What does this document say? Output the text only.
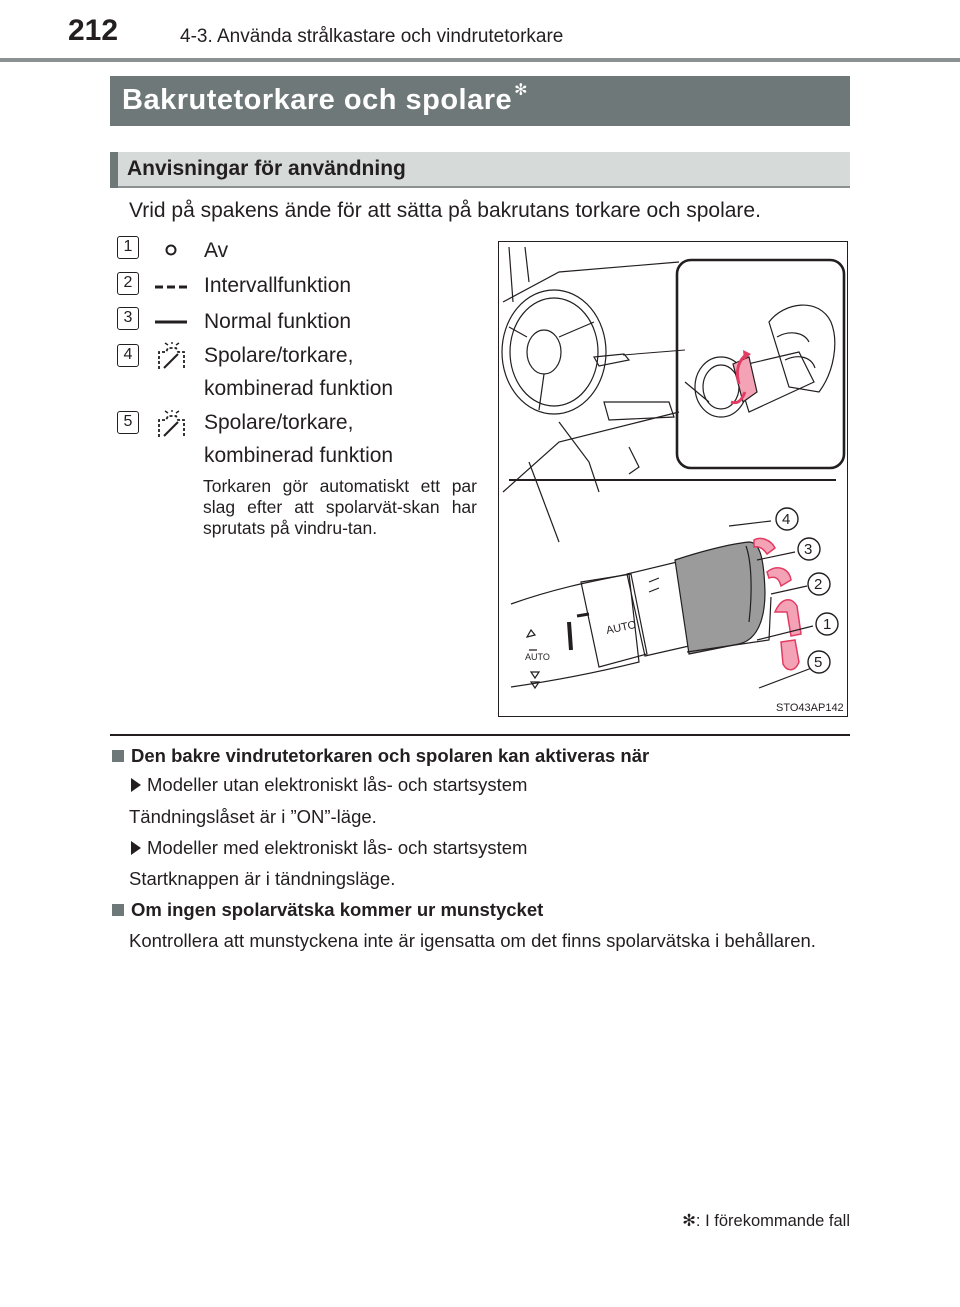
212	4-3. Använda strålkastare och vindrutetorkare
Bakrutetorkare och spolare ✻
Anvisningar för användning
Vrid på spakens ände för att sätta på bakrutans torkare och spolare.
1	Av
2	Intervallfunktion
3	Normal funktion
4	Spolare/torkare,
kombinerad funktion
5	Spolare/torkare,
kombinerad funktion
Torkaren gör automatiskt ett par slag efter att spolarvät-skan har sprutats på vindru-tan.
AUTO
AUTO
4
3
2
1
5
STO43AP142
Den bakre vindrutetorkaren och spolaren kan aktiveras när
Modeller utan elektroniskt lås- och startsystem
Tändningslåset är i ”ON”-läge.
Modeller med elektroniskt lås- och startsystem
Startknappen är i tändningsläge.
Om ingen spolarvätska kommer ur munstycket
Kontrollera att munstyckena inte är igensatta om det finns spolarvätska i behållaren.
✻: I förekommande fall
